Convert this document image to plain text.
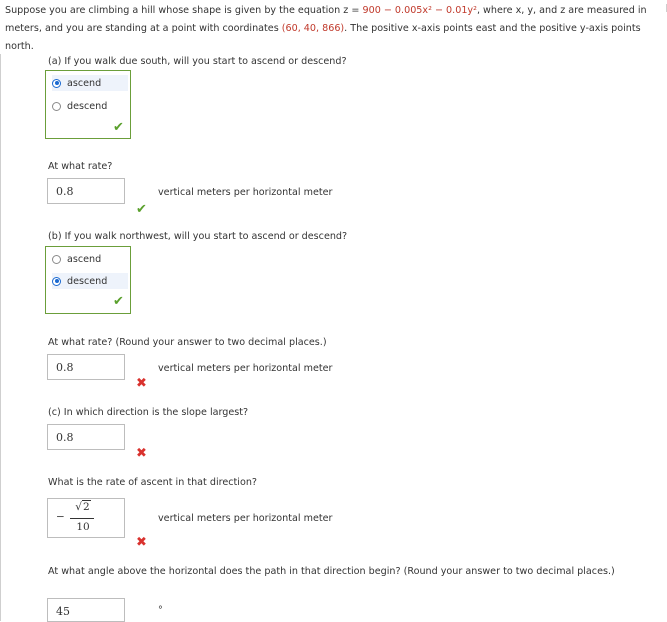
Suppose you are climbing a hill whose shape is given by the equation z = 900 − 0.005x² − 0.01y², where x, y, and z are measured in meters, and you are standing at a point with coordinates (60, 40, 866). The positive x-axis points east and the positive y-axis points north.
(a) If you walk due south, will you start to ascend or descend?
ascend
descend
✔
At what rate?
0.8	vertical meters per horizontal meter
✔
(b) If you walk northwest, will you start to ascend or descend?
ascend
descend
✔
At what rate? (Round your answer to two decimal places.)
0.8	vertical meters per horizontal meter
✖
(c) In which direction is the slope largest?
0.8
✖
What is the rate of ascent in that direction?
−
√2
10
vertical meters per horizontal meter
✖
At what angle above the horizontal does the path in that direction begin? (Round your answer to two decimal places.)
45	°
